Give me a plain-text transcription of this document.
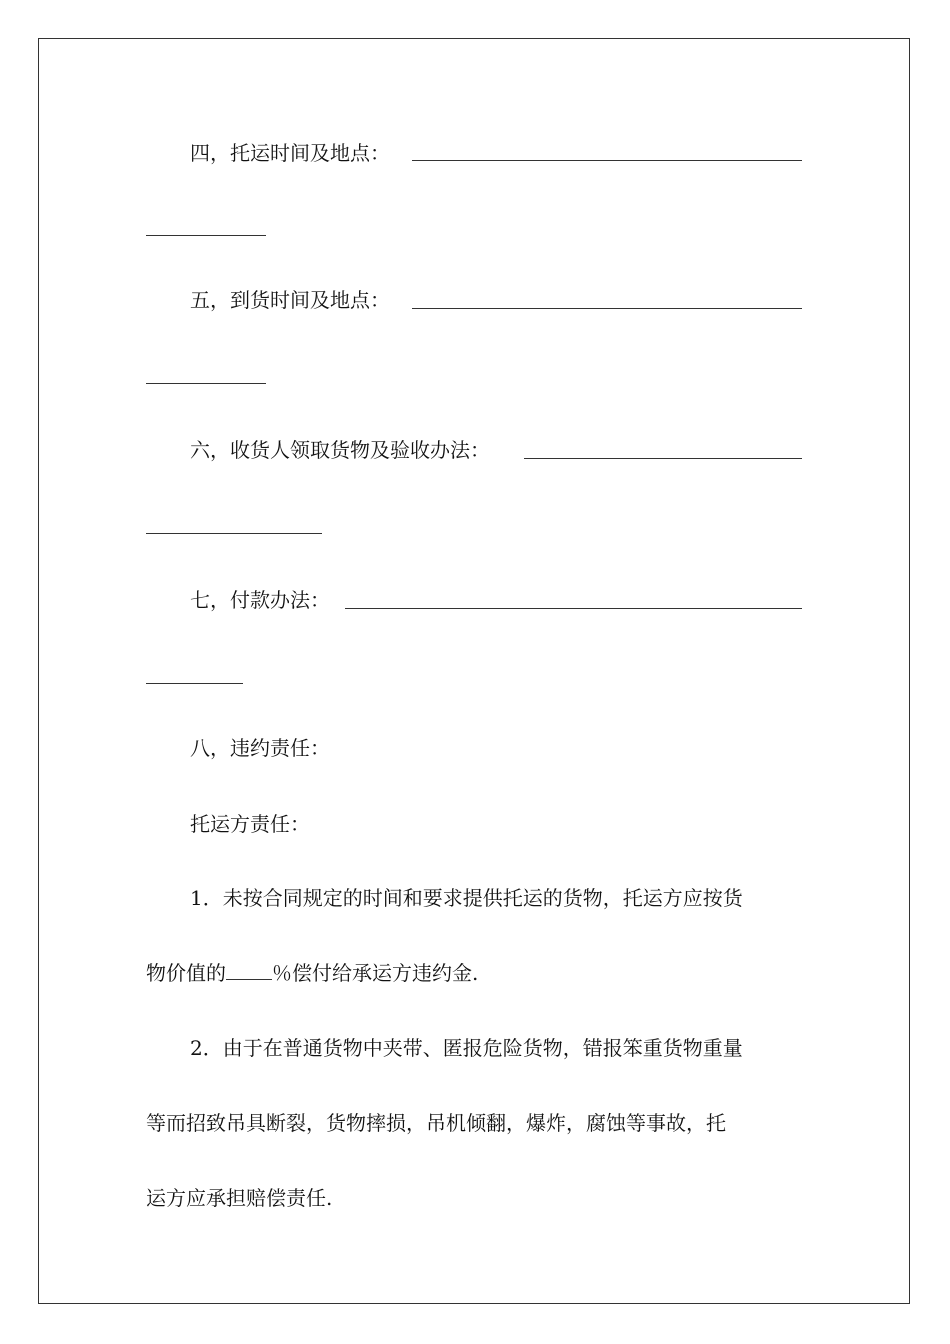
四，托运时间及地点：
五，到货时间及地点：
六，收货人领取货物及验收办法：
七，付款办法：
八，违约责任：
托运方责任：
1．未按合同规定的时间和要求提供托运的货物，托运方应按货
物价值的 ％偿付给承运方违约金.
2．由于在普通货物中夹带、匿报危险货物，错报笨重货物重量
等而招致吊具断裂，货物摔损，吊机倾翻，爆炸，腐蚀等事故，托
运方应承担赔偿责任.
